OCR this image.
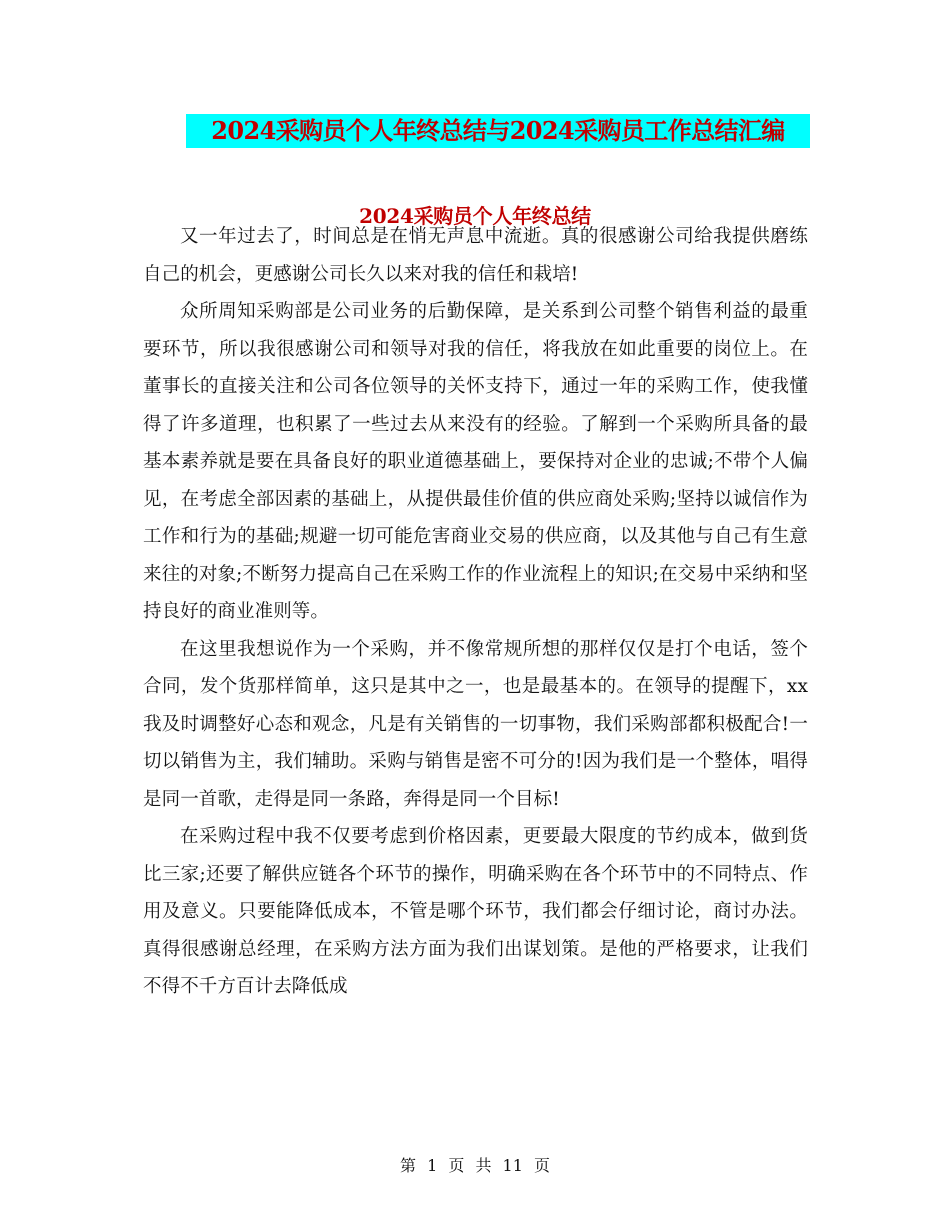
2024采购员个人年终总结与2024采购员工作总结汇编
2024采购员个人年终总结

又一年过去了，时间总是在悄无声息中流逝。真的很感谢公司给我提供磨练自己的机会，更感谢公司长久以来对我的信任和栽培!

众所周知采购部是公司业务的后勤保障，是关系到公司整个销售利益的最重要环节，所以我很感谢公司和领导对我的信任，将我放在如此重要的岗位上。在董事长的直接关注和公司各位领导的关怀支持下，通过一年的采购工作，使我懂得了许多道理，也积累了一些过去从来没有的经验。了解到一个采购所具备的最基本素养就是要在具备良好的职业道德基础上，要保持对企业的忠诚;不带个人偏见，在考虑全部因素的基础上，从提供最佳价值的供应商处采购;坚持以诚信作为工作和行为的基础;规避一切可能危害商业交易的供应商，以及其他与自己有生意来往的对象;不断努力提高自己在采购工作的作业流程上的知识;在交易中采纳和坚持良好的商业准则等。

在这里我想说作为一个采购，并不像常规所想的那样仅仅是打个电话，签个合同，发个货那样简单，这只是其中之一，也是最基本的。在领导的提醒下，xx我及时调整好心态和观念，凡是有关销售的一切事物，我们采购部都积极配合!一切以销售为主，我们辅助。采购与销售是密不可分的!因为我们是一个整体，唱得是同一首歌，走得是同一条路，奔得是同一个目标!

在采购过程中我不仅要考虑到价格因素，更要最大限度的节约成本，做到货比三家;还要了解供应链各个环节的操作，明确采购在各个环节中的不同特点、作用及意义。只要能降低成本，不管是哪个环节，我们都会仔细讨论，商讨办法。真得很感谢总经理，在采购方法方面为我们出谋划策。是他的严格要求，让我们不得不千方百计去降低成

第 1 页 共 11 页
